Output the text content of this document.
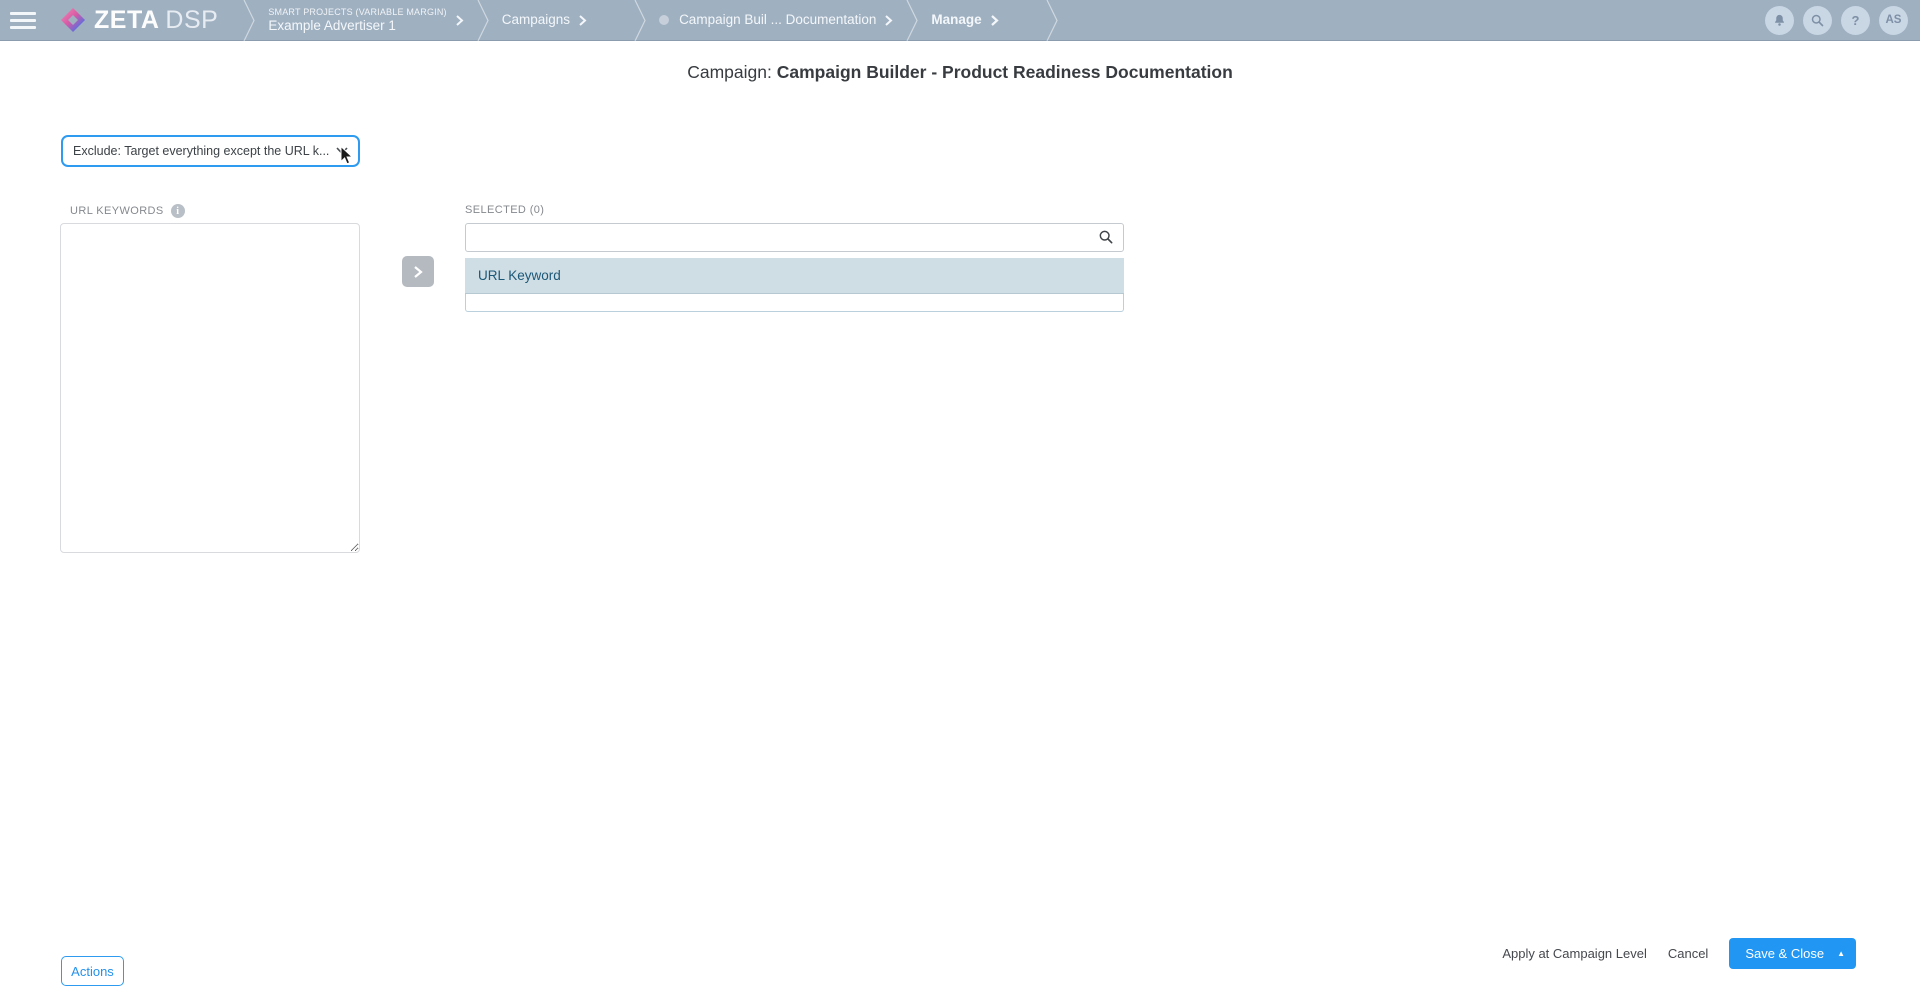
ZETA DSP	SMART PROJECTS (VARIABLE MARGIN)
Example Advertiser 1	Campaigns	Campaign Buil ... Documentation	Manage	? AS
Campaign: Campaign Builder - Product Readiness Documentation
Exclude: Target everything except the URL k...
URL KEYWORDS	i	SELECTED (0)
URL Keyword
Actions
Apply at Campaign Level Cancel	Save & Close	▲
